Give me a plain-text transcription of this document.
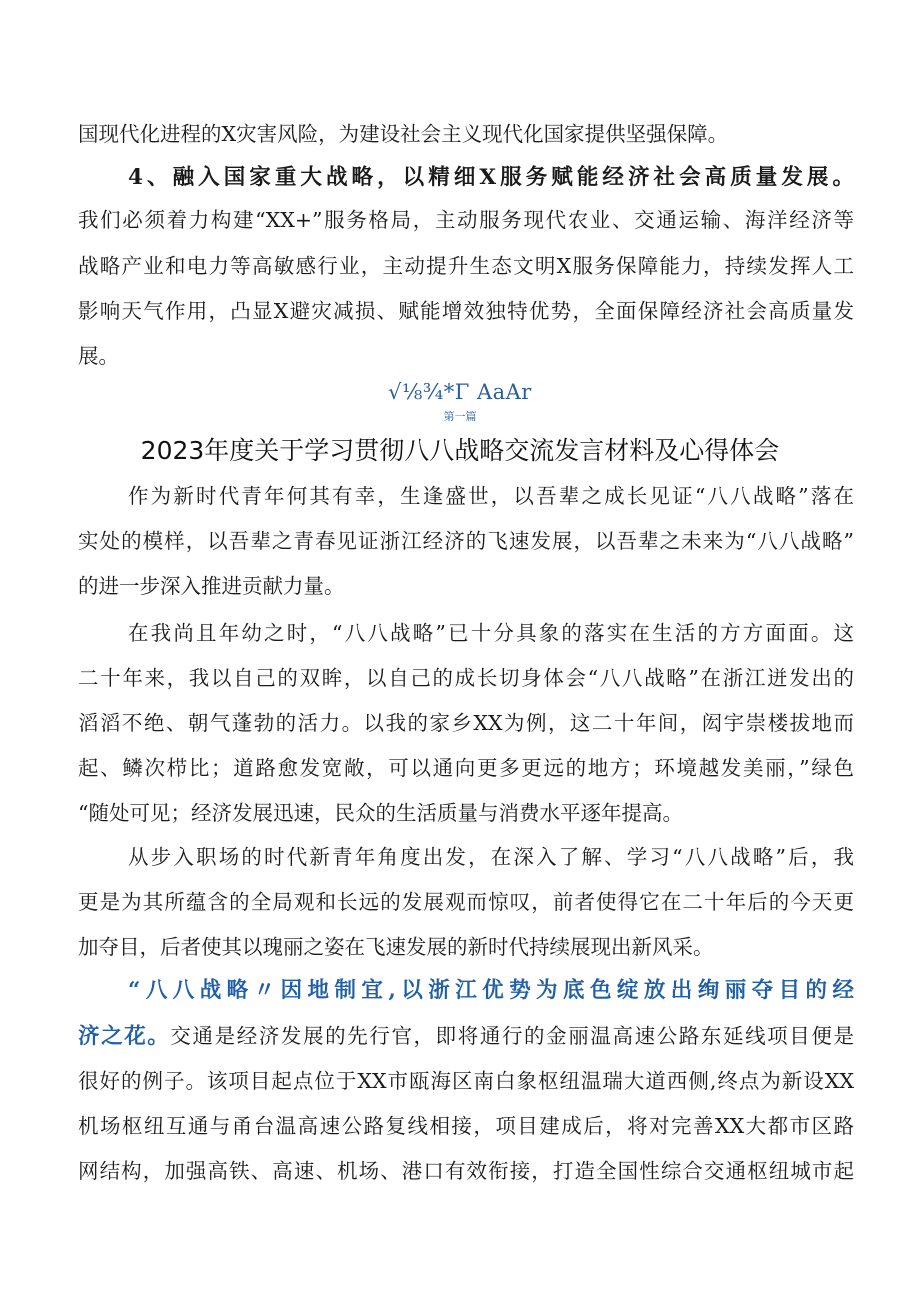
国现代化进程的X灾害风险，为建设社会主义现代化国家提供坚强保障。
4、融入国家重大战略，以精细X服务赋能经济社会高质量发展。
我们必须着力构建“XX+”服务格局，主动服务现代农业、交通运输、海洋经济等
战略产业和电力等高敏感行业，主动提升生态文明X服务保障能力，持续发挥人工
影响天气作用，凸显X避灾减损、赋能增效独特优势，全面保障经济社会高质量发
展。
√⅛¾*Γ AaAr
第一篇
2023年度关于学习贯彻八八战略交流发言材料及心得体会
作为新时代青年何其有幸，生逢盛世，以吾辈之成长见证“八八战略”落在
实处的模样，以吾辈之青春见证浙江经济的飞速发展，以吾辈之未来为“八八战略”
的进一步深入推进贡献力量。
在我尚且年幼之时，“八八战略”已十分具象的落实在生活的方方面面。这
二十年来，我以自己的双眸，以自己的成长切身体会“八八战略”在浙江迸发出的
滔滔不绝、朝气蓬勃的活力。以我的家乡XX为例，这二十年间，闳宇崇楼拔地而
起、鳞次栉比；道路愈发宽敞，可以通向更多更远的地方；环境越发美丽，”绿色
“随处可见；经济发展迅速，民众的生活质量与消费水平逐年提高。
从步入职场的时代新青年角度出发，在深入了解、学习“八八战略”后，我
更是为其所蕴含的全局观和长远的发展观而惊叹，前者使得它在二十年后的今天更
加夺目，后者使其以瑰丽之姿在飞速发展的新时代持续展现出新风采。
“八八战略〃因地制宜,以浙江优势为底色绽放出绚丽夺目的经
济之花。交通是经济发展的先行官，即将通行的金丽温高速公路东延线项目便是
很好的例子。该项目起点位于XX市瓯海区南白象枢纽温瑞大道西侧,终点为新设XX
机场枢纽互通与甬台温高速公路复线相接，项目建成后，将对完善XX大都市区路
网结构，加强高铁、高速、机场、港口有效衔接，打造全国性综合交通枢纽城市起
